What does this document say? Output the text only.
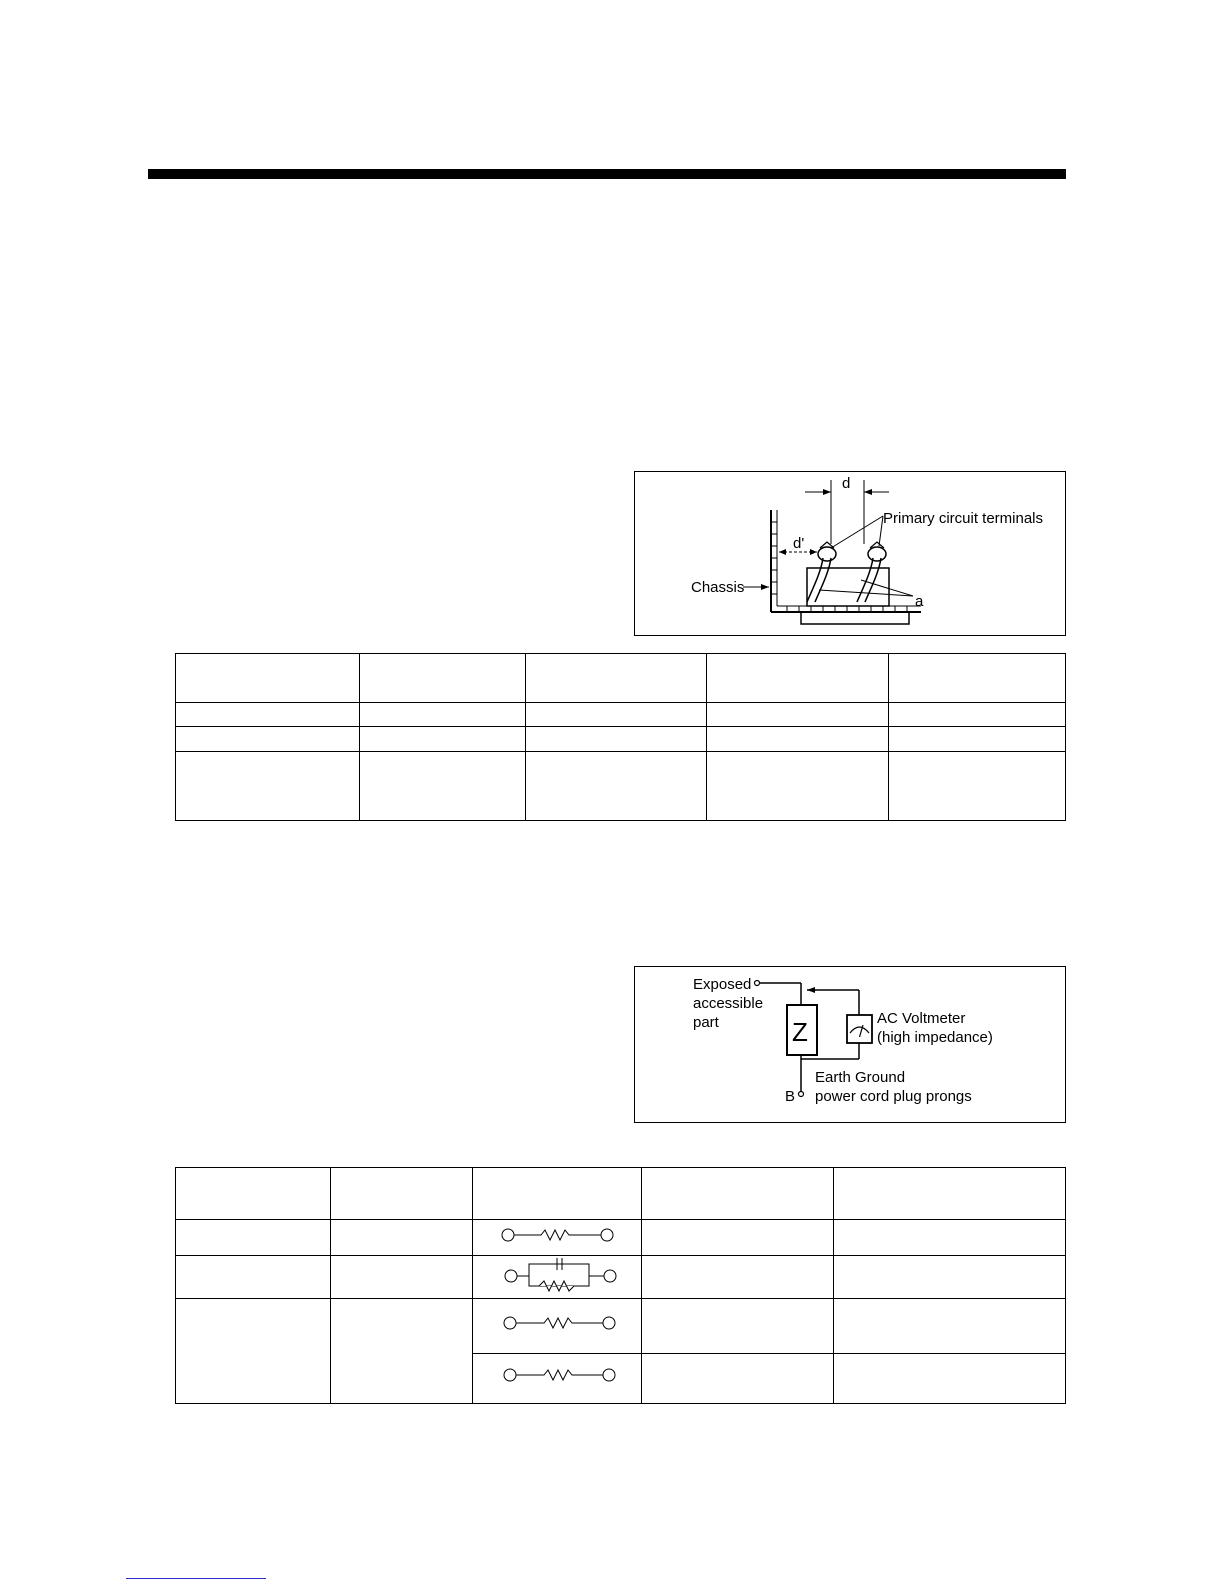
d
d'
Primary circuit terminals
Chassis
a

Z
Exposed
accessible
part	AC Voltmeter
(high impedance)
Earth Ground
power cord plug prongs
B
